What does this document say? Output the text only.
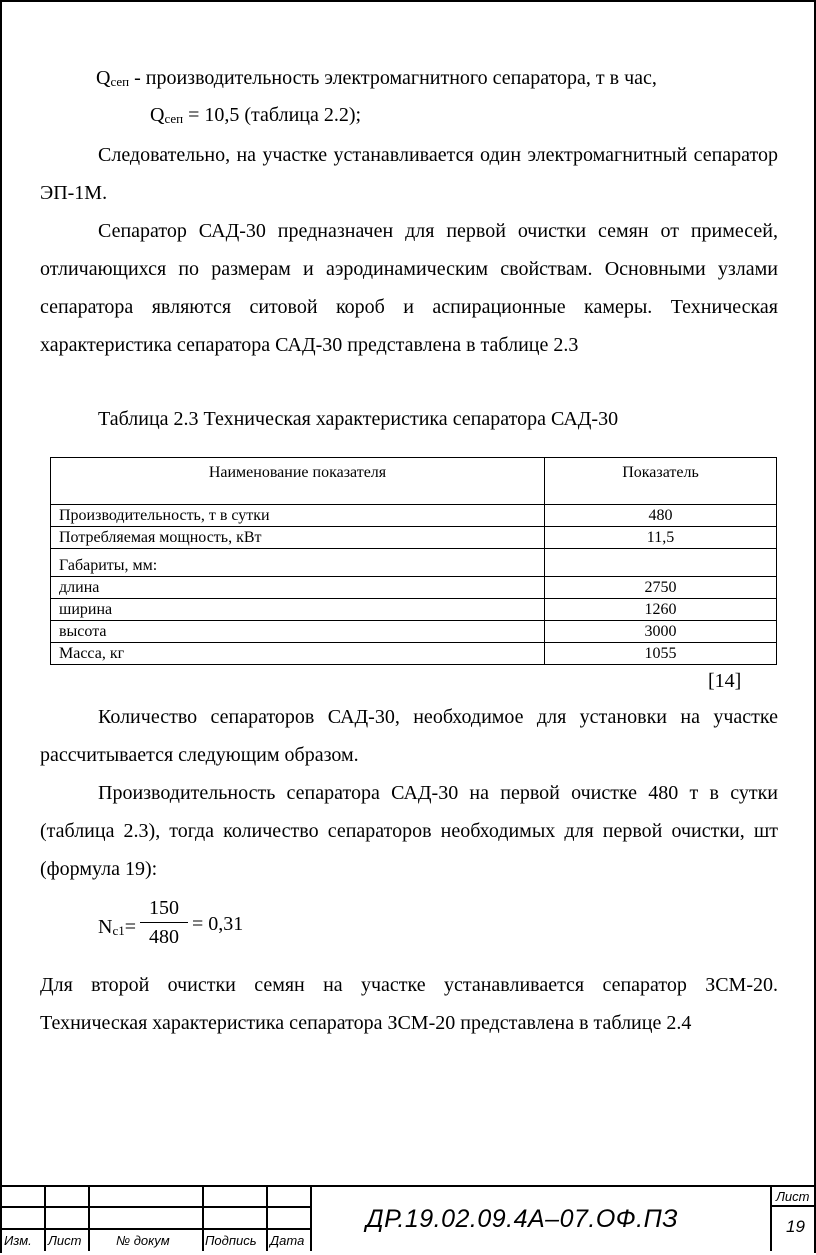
$Q_{сеп}$ - производительность электромагнитного сепаратора, т в час,
$Q_{сеп} = 10,5$ (таблица 2.2);
Следовательно, на участке устанавливается один электромагнитный сепаратор ЭП-1М.
Сепаратор САД-30 предназначен для первой очистки семян от примесей, отличающихся по размерам и аэродинамическим свойствам. Основными узлами сепаратора являются ситовой короб и аспирационные камеры. Техническая характеристика сепаратора САД-30 представлена в таблице 2.3
Таблица 2.3 Техническая характеристика сепаратора САД-30
Наименование показателя	Показатель
Производительность, т в сутки	480
Потребляемая мощность, кВт	11,5
Габариты, мм:	
длина	2750
ширина	1260
высота	3000
Масса, кг	1055
[14]
Количество сепараторов САД-30, необходимое для установки на участке рассчитывается следующим образом.
Производительность сепаратора САД-30 на первой очистке 480 т в сутки (таблица 2.3), тогда количество сепараторов необходимых для первой очистки, шт (формула 19):
$N_{с1}=$
150
480
= 0,31
Для второй очистки семян на участке устанавливается сепаратор ЗСМ-20. Техническая характеристика сепаратора ЗСМ-20 представлена в таблице 2.4
Изм. Лист	№ докум	Подпись Дата
ДР.19.02.09.4А–07.ОФ.ПЗ
Лист
19
